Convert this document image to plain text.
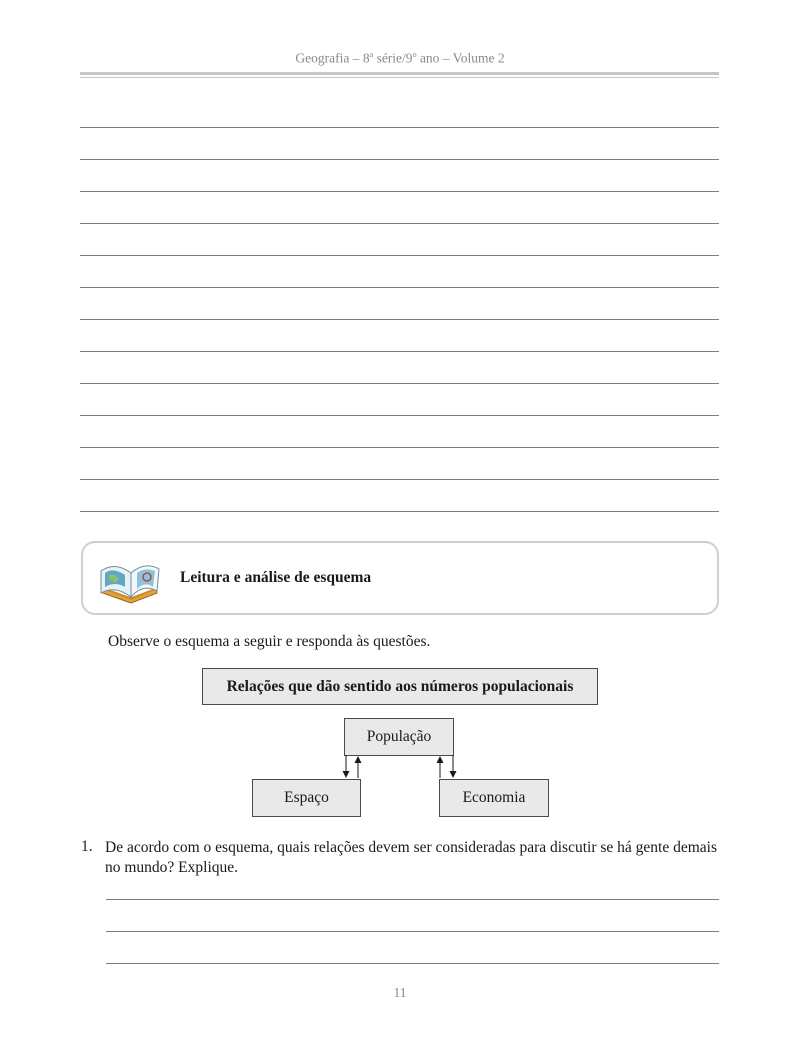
Geografia – 8$^a$ série/9$^o$ ano – Volume 2
Leitura e análise de esquema
Observe o esquema a seguir e responda às questões.
Relações que dão sentido aos números populacionais
População
Espaço	Economia
1. De acordo com o esquema, quais relações devem ser consideradas para discutir se há gente demais no mundo? Explique.
11
